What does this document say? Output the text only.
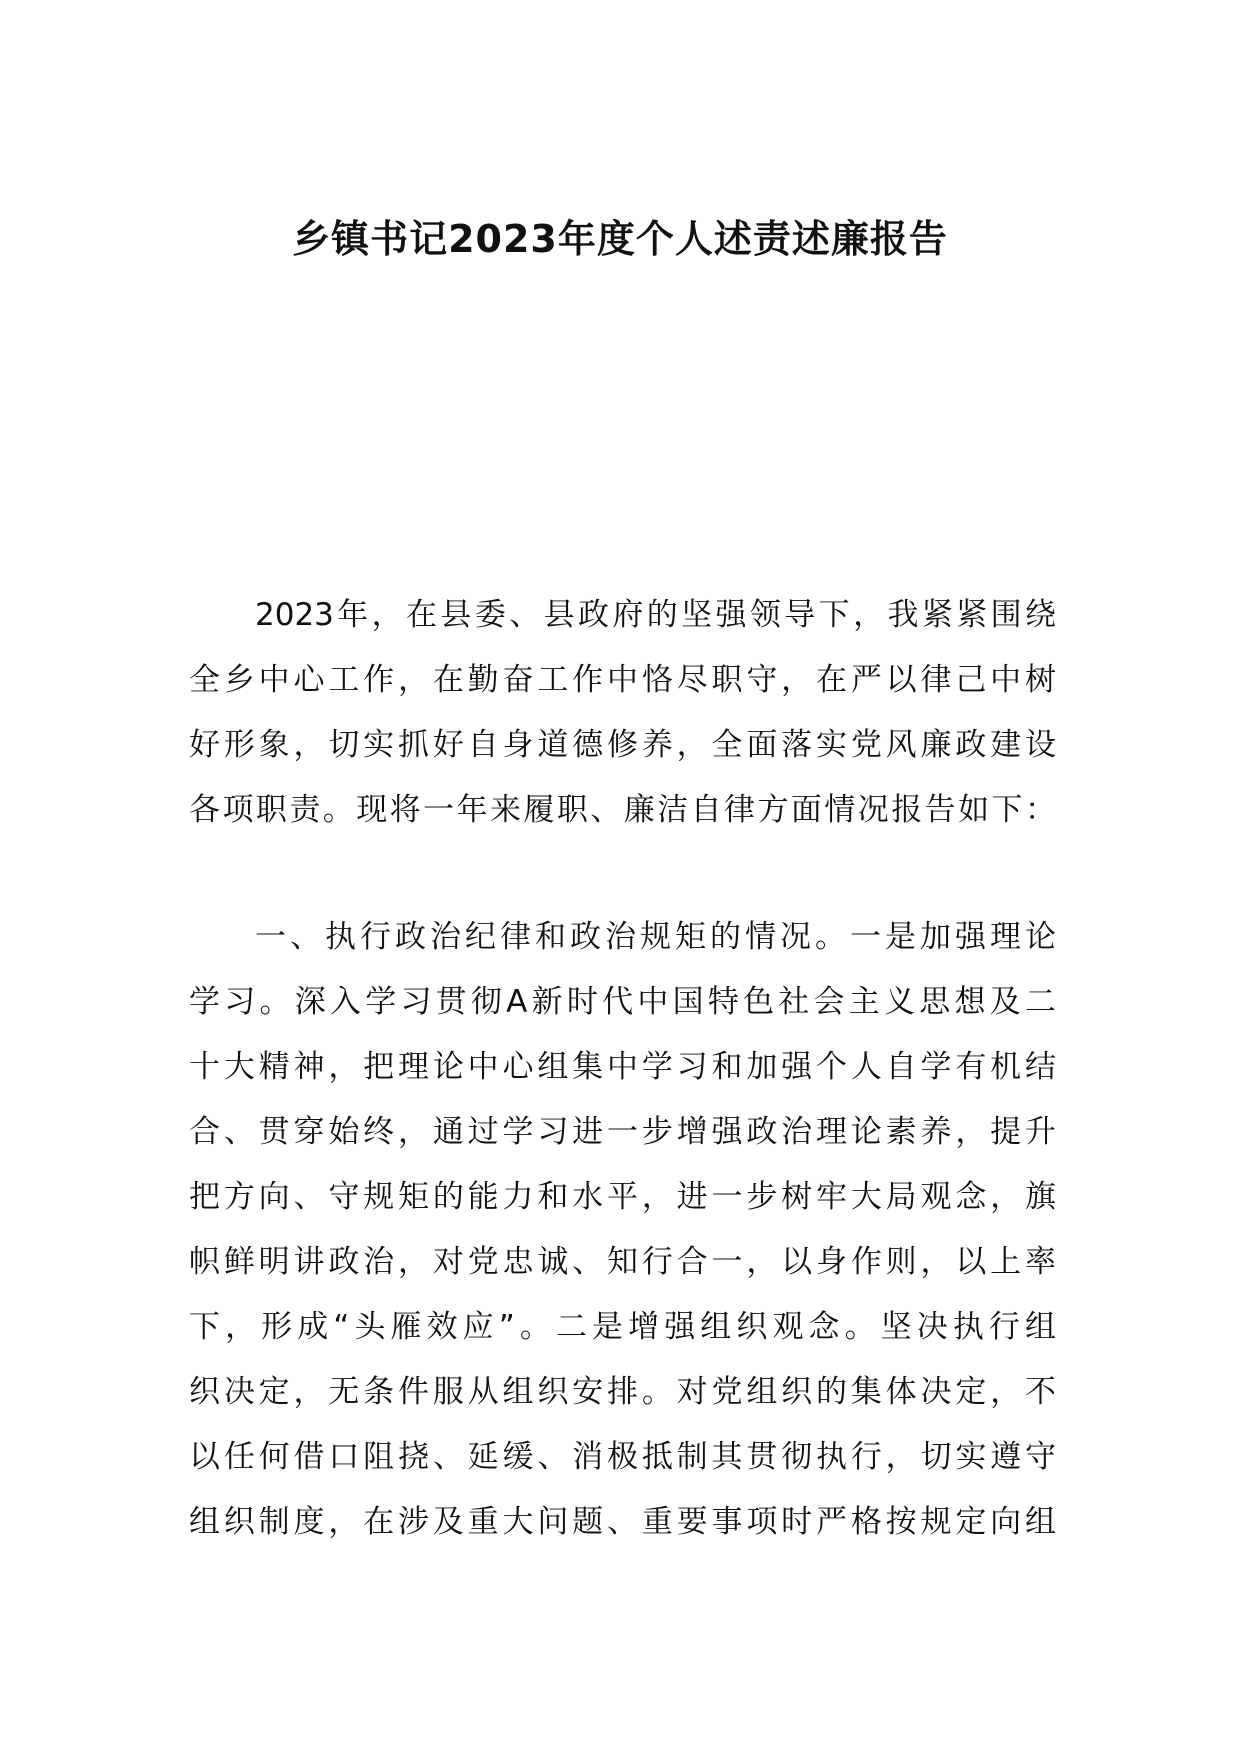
乡镇书记2023年度个人述责述廉报告
2023年，在县委、县政府的坚强领导下，我紧紧围绕
全乡中心工作，在勤奋工作中恪尽职守，在严以律己中树
好形象，切实抓好自身道德修养，全面落实党风廉政建设
各项职责。现将一年来履职、廉洁自律方面情况报告如下：
一、执行政治纪律和政治规矩的情况。一是加强理论
学习。深入学习贯彻A新时代中国特色社会主义思想及二
十大精神，把理论中心组集中学习和加强个人自学有机结
合、贯穿始终，通过学习进一步增强政治理论素养，提升
把方向、守规矩的能力和水平，进一步树牢大局观念，旗
帜鲜明讲政治，对党忠诚、知行合一，以身作则，以上率
下，形成“头雁效应”。二是增强组织观念。坚决执行组
织决定，无条件服从组织安排。对党组织的集体决定，不
以任何借口阻挠、延缓、消极抵制其贯彻执行，切实遵守
组织制度，在涉及重大问题、重要事项时严格按规定向组
